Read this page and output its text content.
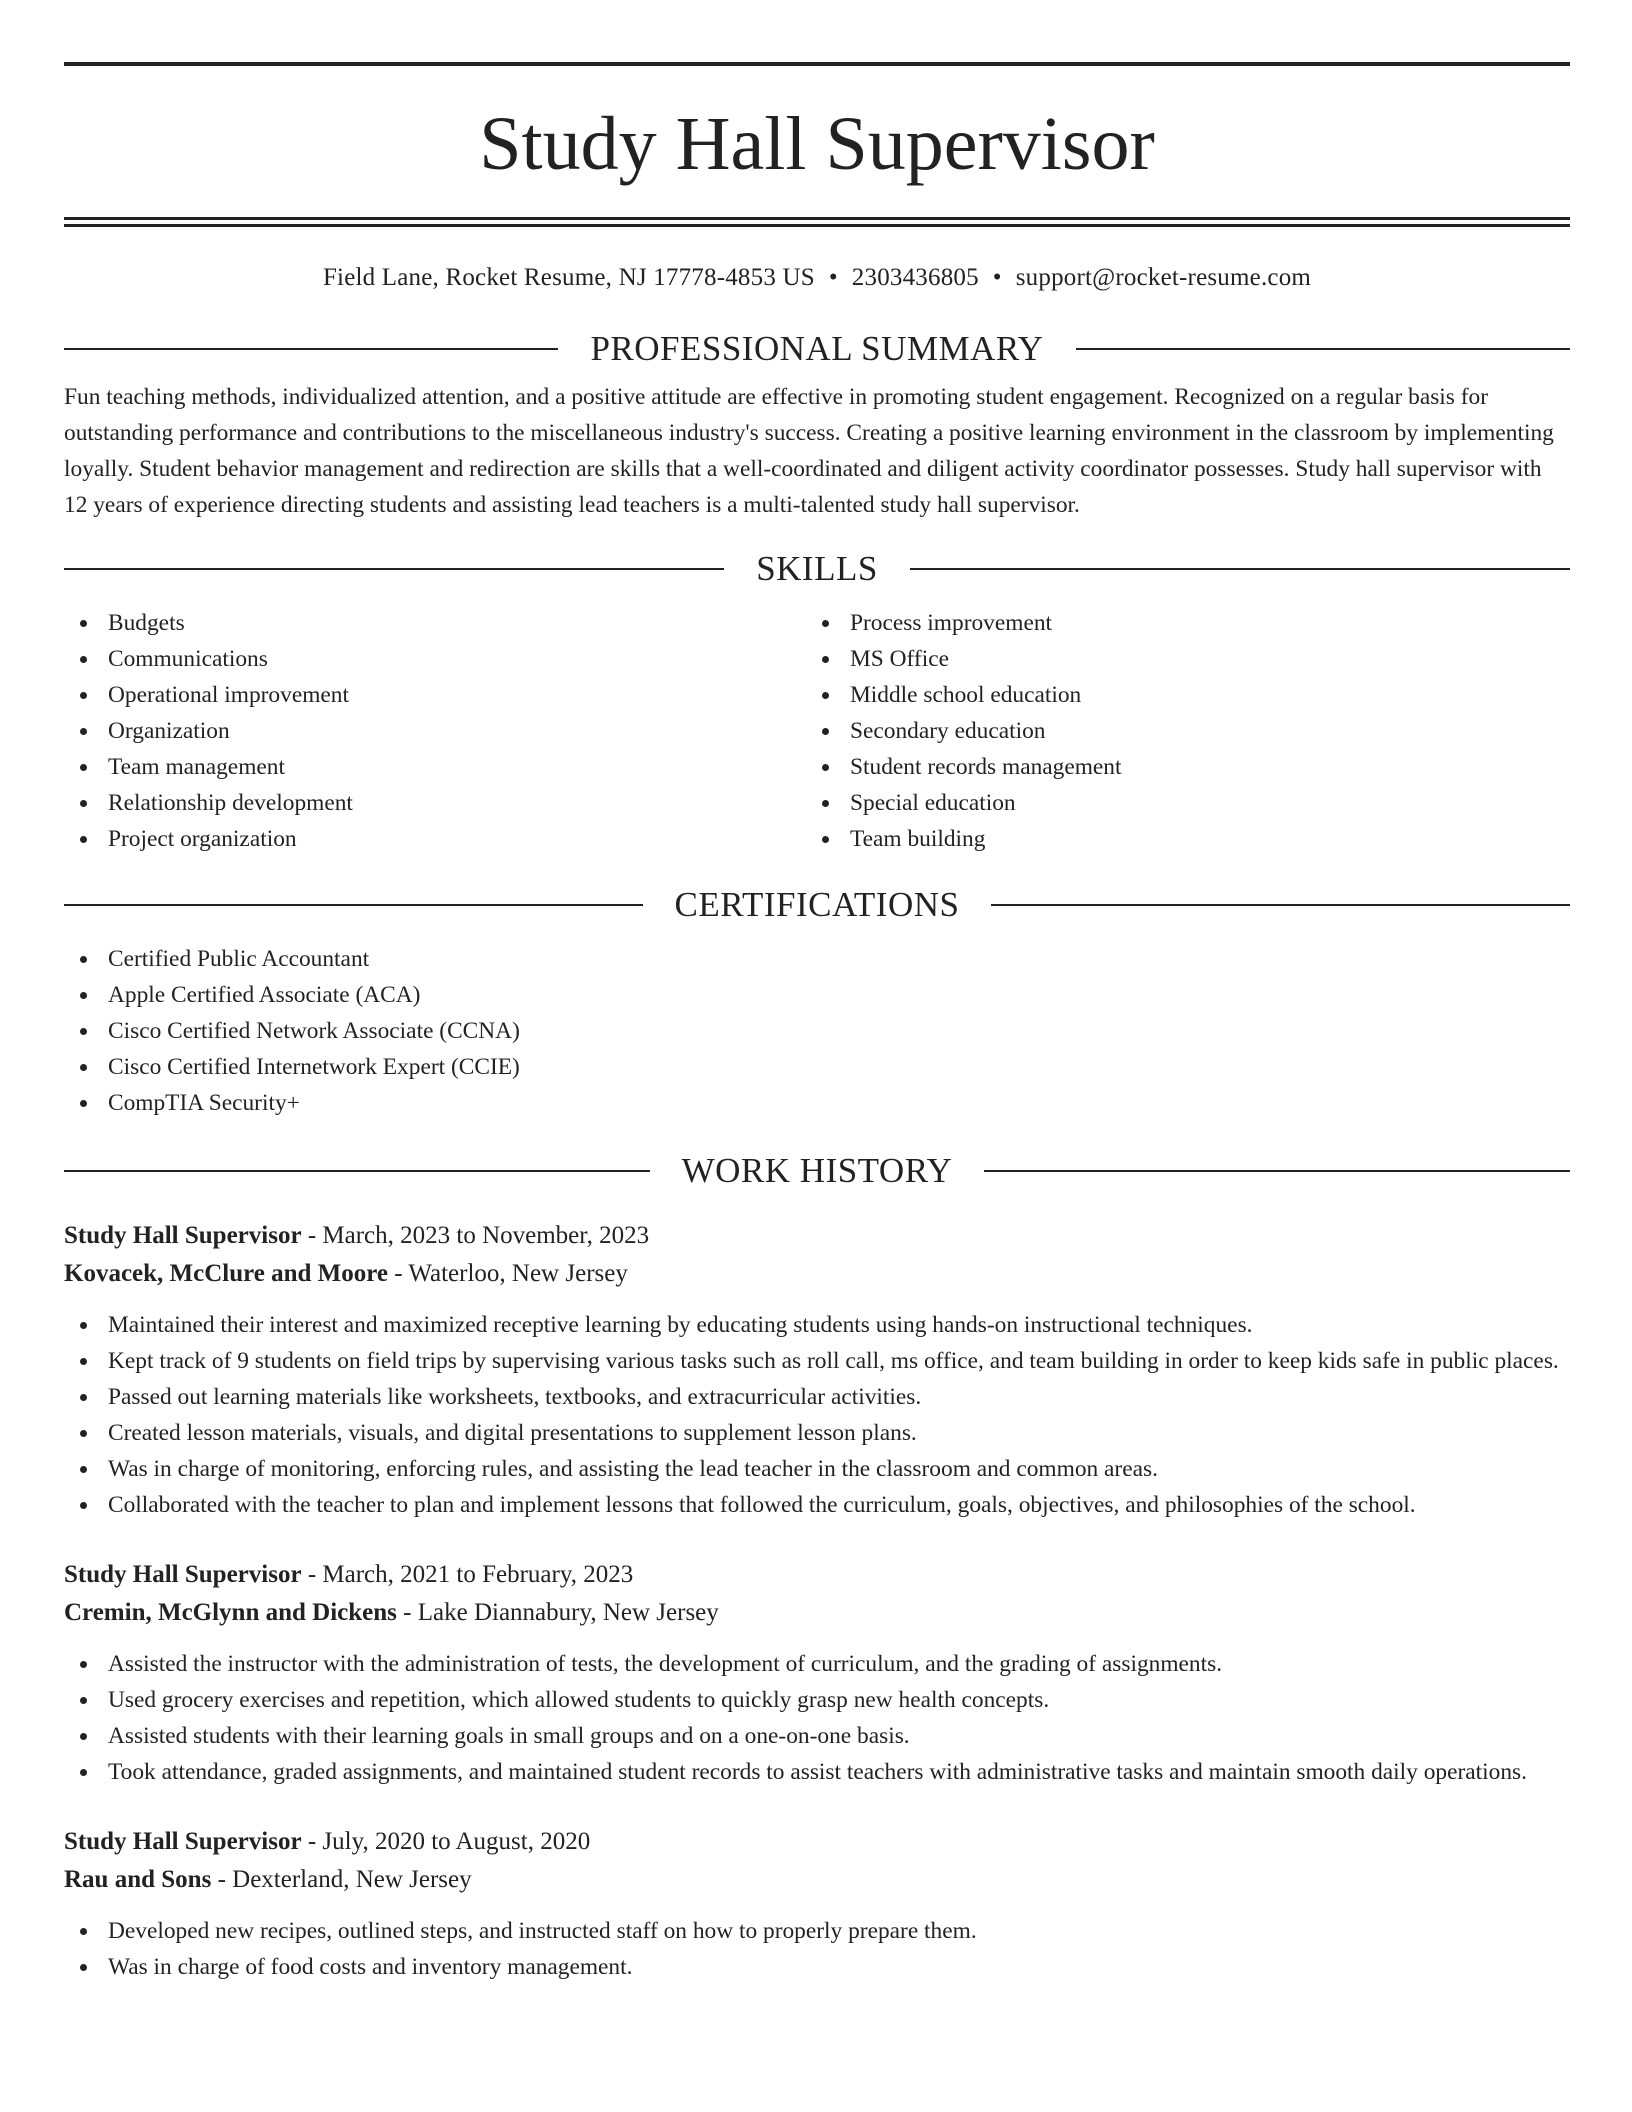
Study Hall Supervisor
Field Lane, Rocket Resume, NJ 17778-4853 US • 2303436805 • support@rocket-resume.com
PROFESSIONAL SUMMARY

Fun teaching methods, individualized attention, and a positive attitude are effective in promoting student engagement. Recognized on a regular basis for outstanding performance and contributions to the miscellaneous industry's success. Creating a positive learning environment in the classroom by implementing loyally. Student behavior management and redirection are skills that a well-coordinated and diligent activity coordinator possesses. Study hall supervisor with 12 years of experience directing students and assisting lead teachers is a multi-talented study hall supervisor.

SKILLS
Budgets
Communications
Operational improvement
Organization
Team management
Relationship development
Project organization
Process improvement
MS Office
Middle school education
Secondary education
Student records management
Special education
Team building
CERTIFICATIONS
Certified Public Accountant
Apple Certified Associate (ACA)
Cisco Certified Network Associate (CCNA)
Cisco Certified Internetwork Expert (CCIE)
CompTIA Security+
WORK HISTORY
Study Hall Supervisor - March, 2023 to November, 2023
Kovacek, McClure and Moore - Waterloo, New Jersey
Maintained their interest and maximized receptive learning by educating students using hands-on instructional techniques.
Kept track of 9 students on field trips by supervising various tasks such as roll call, ms office, and team building in order to keep kids safe in public places.
Passed out learning materials like worksheets, textbooks, and extracurricular activities.
Created lesson materials, visuals, and digital presentations to supplement lesson plans.
Was in charge of monitoring, enforcing rules, and assisting the lead teacher in the classroom and common areas.
Collaborated with the teacher to plan and implement lessons that followed the curriculum, goals, objectives, and philosophies of the school.
Study Hall Supervisor - March, 2021 to February, 2023
Cremin, McGlynn and Dickens - Lake Diannabury, New Jersey
Assisted the instructor with the administration of tests, the development of curriculum, and the grading of assignments.
Used grocery exercises and repetition, which allowed students to quickly grasp new health concepts.
Assisted students with their learning goals in small groups and on a one-on-one basis.
Took attendance, graded assignments, and maintained student records to assist teachers with administrative tasks and maintain smooth daily operations.
Study Hall Supervisor - July, 2020 to August, 2020
Rau and Sons - Dexterland, New Jersey
Developed new recipes, outlined steps, and instructed staff on how to properly prepare them.
Was in charge of food costs and inventory management.
